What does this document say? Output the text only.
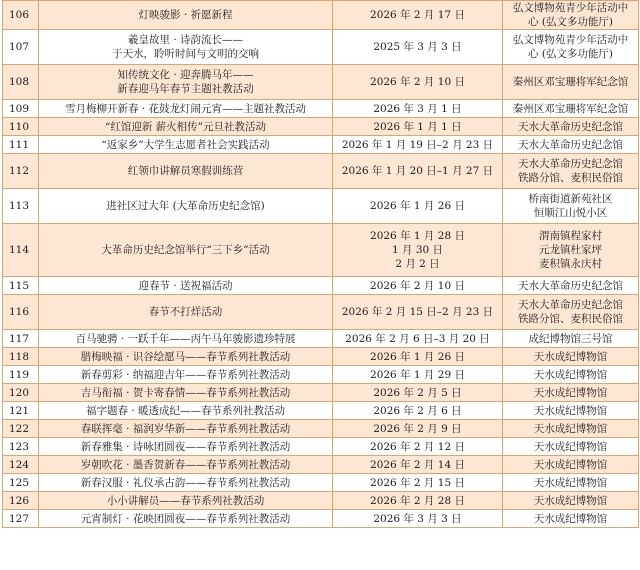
106	灯映骏影 · 祈愿新程	2026 年 2 月 17 日	弘文博物苑青少年活动中
心 (弘文多功能厅)

107	羲皇故里 · 诗韵流长——
于天水，聆听时间与文明的交响	2025 年 3 月 3 日	弘文博物苑青少年活动中
心 (弘文多功能厅)

108	知传统文化 · 迎奔腾马年——
新春迎马年春节主题社教活动	2026 年 2 月 10 日	秦州区邓宝珊将军纪念馆

109	雪月梅柳开新春 · 花鼓龙灯闹元宵——主题社教活动	2026 年 3 月 1 日	秦州区邓宝珊将军纪念馆

110	“红馆迎新 薪火相传”元旦社教活动	2026 年 1 月 1 日	天水大革命历史纪念馆

111	“返家乡”大学生志愿者社会实践活动	2026 年 1 月 19 日–2 月 23 日	天水大革命历史纪念馆

112	红领巾讲解员寒假训练营	2026 年 1 月 20 日–1 月 27 日	天水大革命历史纪念馆
铁路分馆、麦积民俗馆

113	进社区过大年 (大革命历史纪念馆)	2026 年 1 月 26 日	桥南街道新苑社区
恒顺江山悦小区

114	大革命历史纪念馆举行“三下乡”活动	2026 年 1 月 28 日
1 月 30 日
2 月 2 日	渭南镇程家村
元龙镇杜家坪
麦积镇永庆村

115	迎春节 · 送祝福活动	2026 年 2 月 10 日	天水大革命历史纪念馆

116	春节不打烊活动	2026 年 2 月 15 日–2 月 23 日	天水大革命历史纪念馆
铁路分馆、麦积民俗馆

117	百马驰骋 · 一跃千年——丙午马年骏影遗珍特展	2026 年 2 月 6 日–3 月 20 日	成纪博物馆三号馆

118	腊梅映福 · 识谷绘愿马——春节系列社教活动	2026 年 1 月 26 日	天水成纪博物馆

119	新春剪彩 · 纳福迎吉年——春节系列社教活动	2026 年 1 月 29 日	天水成纪博物馆

120	吉马衔福 · 贺卡寄春情——春节系列社教活动	2026 年 2 月 5 日	天水成纪博物馆

121	福字题春 · 暖透成纪——春节系列社教活动	2026 年 2 月 6 日	天水成纪博物馆

122	春联挥毫 · 福润岁华新——春节系列社教活动	2026 年 2 月 9 日	天水成纪博物馆

123	新春雅集 · 诗咏团圆夜——春节系列社教活动	2026 年 2 月 12 日	天水成纪博物馆

124	岁朝吹花 · 墨香贺新春——春节系列社教活动	2026 年 2 月 14 日	天水成纪博物馆

125	新春汉服 · 礼仪承古韵——春节系列社教活动	2026 年 2 月 15 日	天水成纪博物馆

126	小小讲解员——春节系列社教活动	2026 年 2 月 28 日	天水成纪博物馆

127	元宵制灯 · 花映团圆夜——春节系列社教活动	2026 年 3 月 3 日	天水成纪博物馆
